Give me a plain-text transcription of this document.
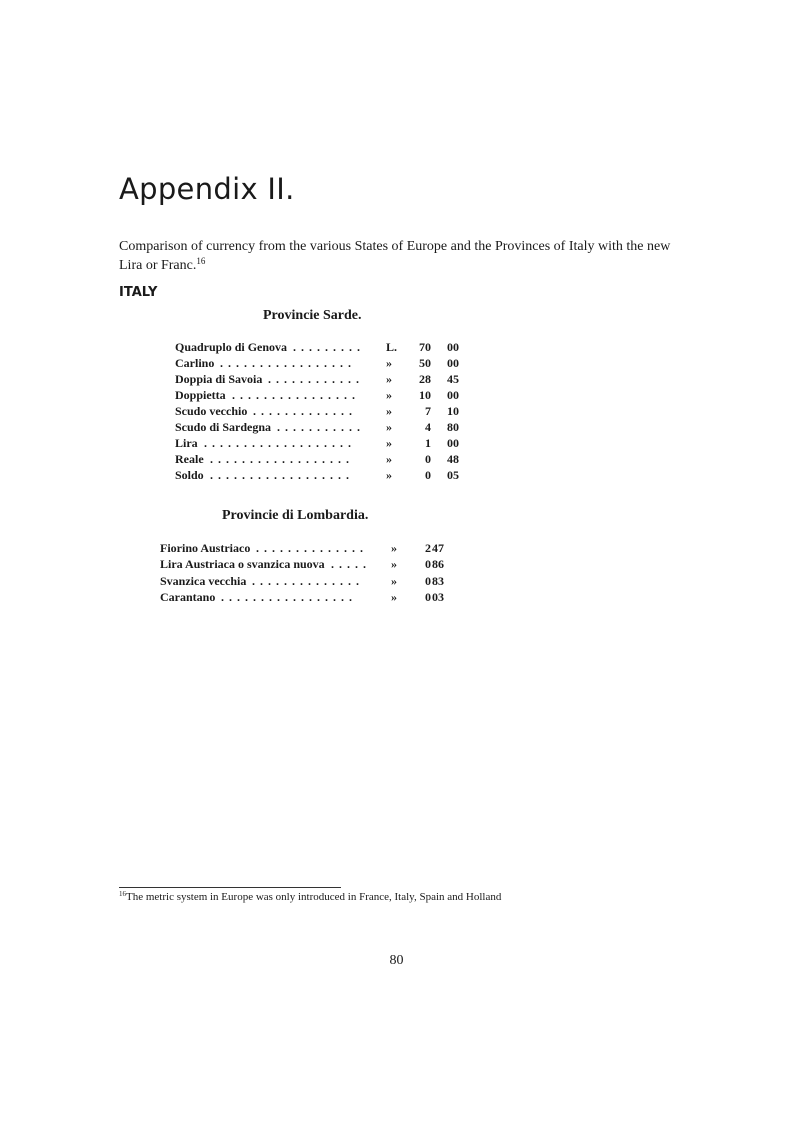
Appendix II.

Comparison of currency from the various States of Europe and the Provinces of Italy with the new Lira or Franc.$^{16}$

ITALY
Provincie Sarde.
Quadruplo di Genova ......... L.	70	00
Carlino .................	»	50	00
Doppia di Savoia ............ »	28	45
Doppietta ................ »	10	00
Scudo vecchio ............. »	7	10
Scudo di Sardegna ........... »	4	80
Lira ...................	»	1	00
Reale ..................	»	0	48
Soldo ..................	»	0	05
Provincie di Lombardia.
Fiorino Austriaco .............. »	2 47
Lira Austriaca o svanzica nuova ..... »	0 86
Svanzica vecchia .............. »	0 83
Carantano .................	»	0 03

$^{16}$The metric system in Europe was only introduced in France, Italy, Spain and Holland

80
